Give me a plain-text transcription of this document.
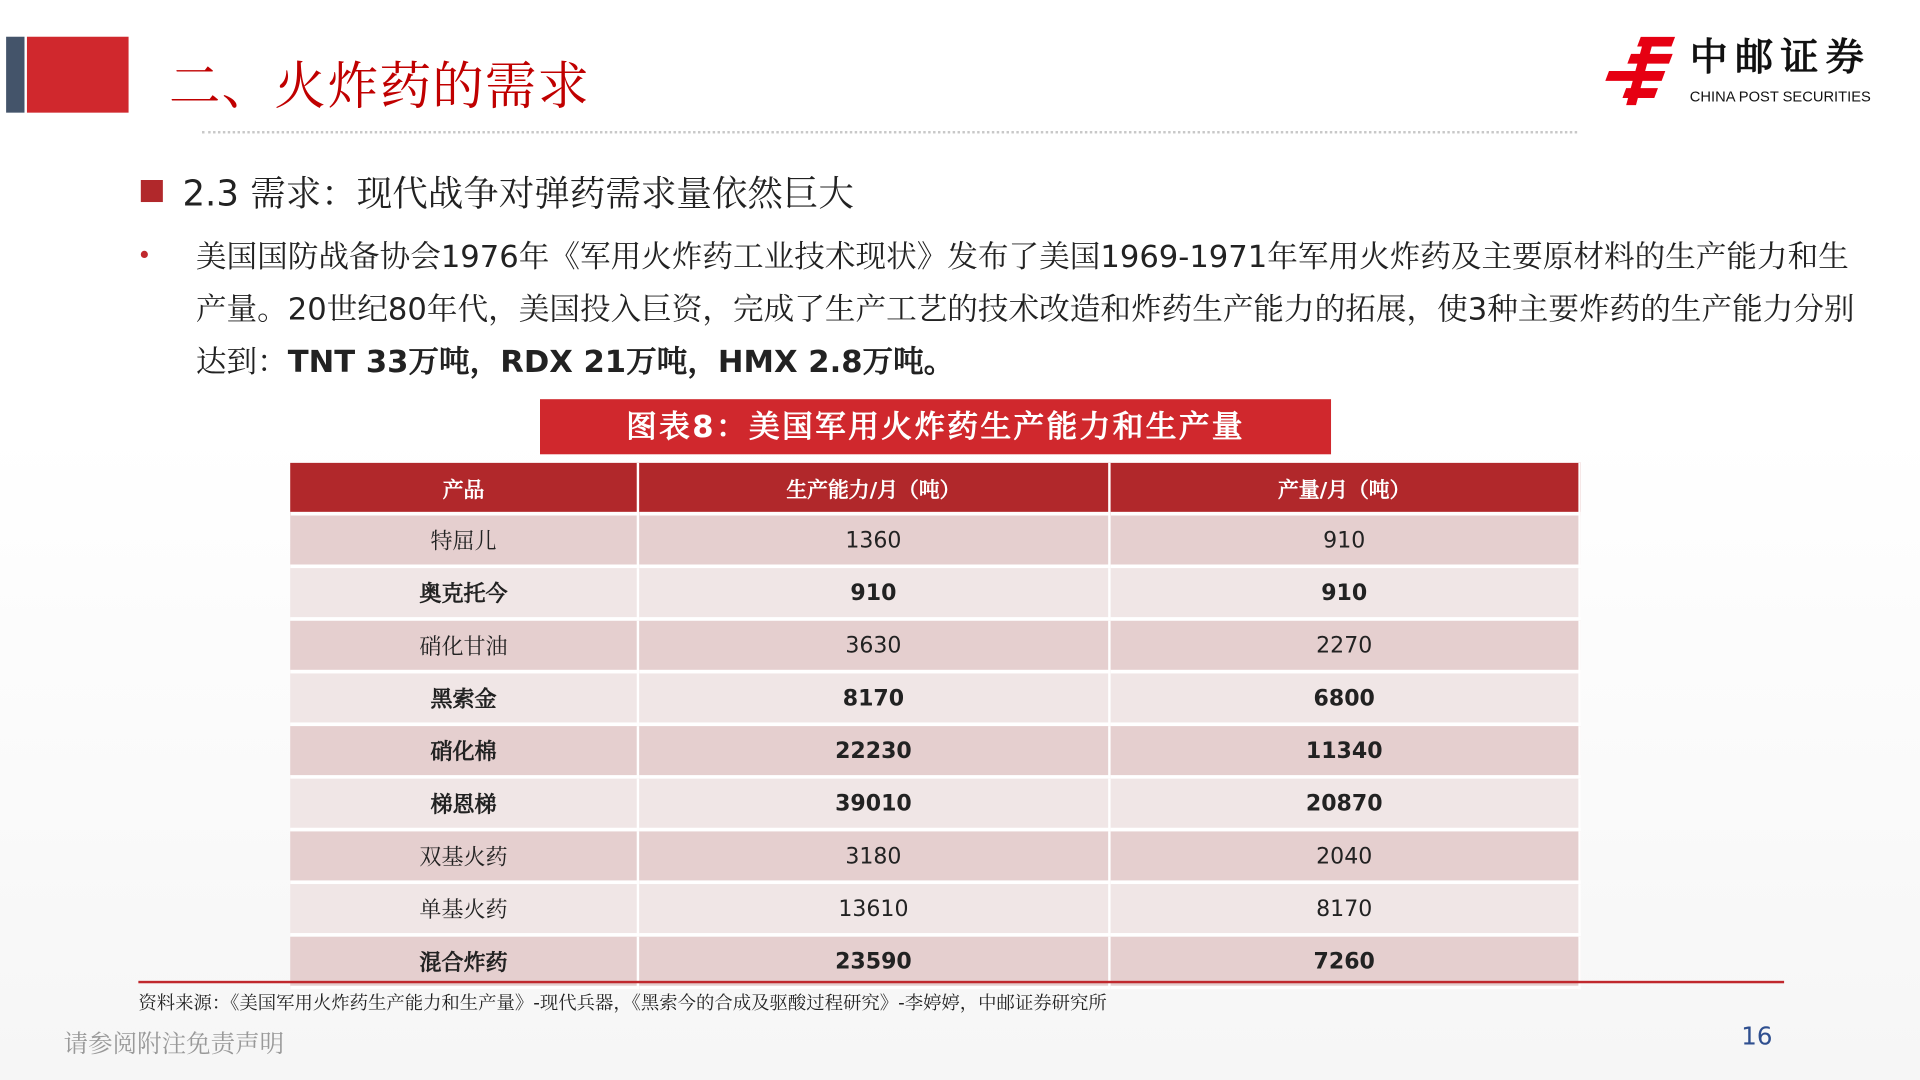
二、火炸药的需求	中邮证券
CHINA POST SECURITIES
2.3 需求：现代战争对弹药需求量依然巨大
• 美国国防战备协会1976年《军用火炸药工业技术现状》发布了美国1969-1971年军用火炸药及主要原材料的生产能力和生产量。20世纪80年代，美国投入巨资，完成了生产工艺的技术改造和炸药生产能力的拓展，使3种主要炸药的生产能力分别达到：TNT 33万吨，RDX 21万吨，HMX 2.8万吨。
图表8：美国军用火炸药生产能力和生产量
产品	生产能力/月（吨）	产量/月（吨）
特屈儿	1360	910
奥克托今	910	910
硝化甘油	3630	2270
黑索金	8170	6800
硝化棉	22230	11340
梯恩梯	39010	20870
双基火药	3180	2040
单基火药	13610	8170
混合炸药	23590	7260
资料来源：《美国军用火炸药生产能力和生产量》-现代兵器，《黑索今的合成及驱酸过程研究》-李婷婷，中邮证券研究所
请参阅附注免责声明	16
